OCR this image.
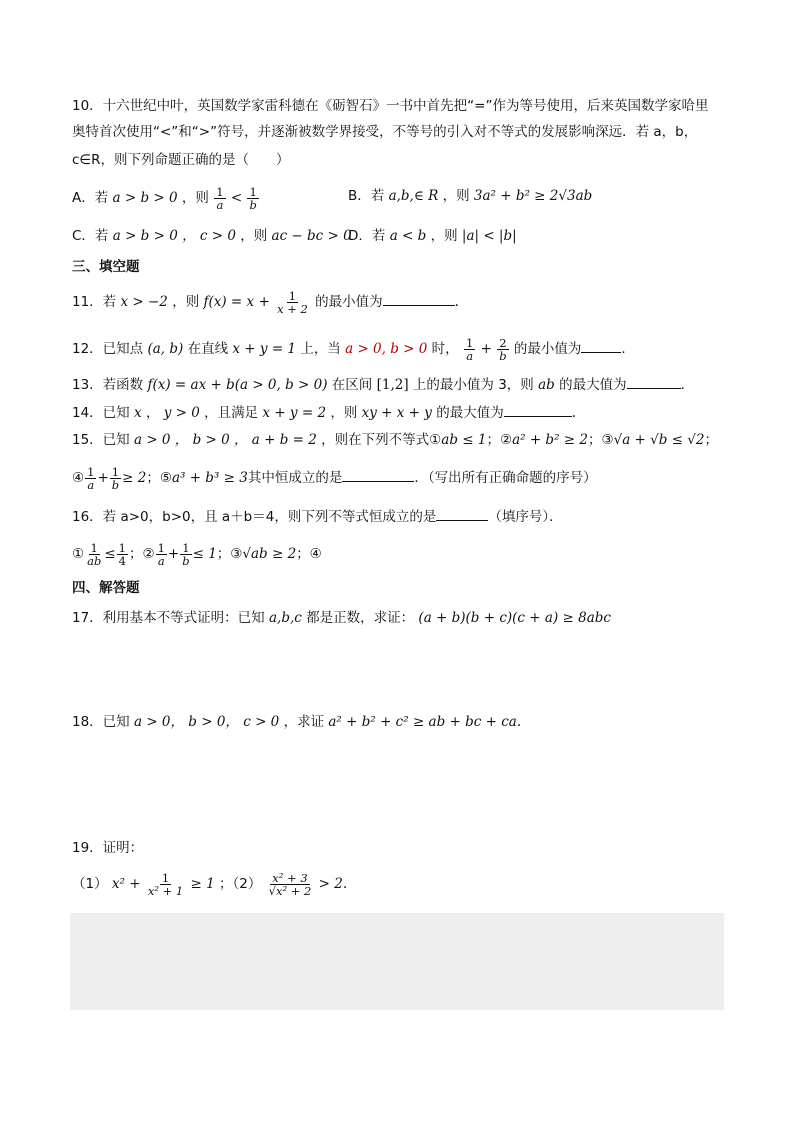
10．十六世纪中叶，英国数学家雷科德在《砺智石》一书中首先把“=”作为等号使用，后来英国数学家哈里
奥特首次使用“<”和“>”符号，并逐渐被数学界接受，不等号的引入对不等式的发展影响深远．若 a，b，
c∈R，则下列命题正确的是（　　）
A．若 a > b > 0 ，则 $\frac{1}{a} < \frac{1}{b}$	B．若 a,b,∈ R ，则 3a² + b² ≥ 2√3ab
C．若 a > b > 0 ， c > 0 ，则 ac − bc > 0
D．若 a < b ，则 |a| < |b|
三、填空题
11．若 x > −2 ，则 $f(x) = x + \frac{1}{x + 2}$ 的最小值为	.
12．已知点 (a, b) 在直线 x + y = 1 上，当 a > 0, b > 0 时， $\frac{1}{a} + \frac{2}{b}$ 的最小值为	．
13．若函数 f(x) = ax + b(a > 0, b > 0) 在区间 [1,2] 上的最小值为 3，则 ab 的最大值为	．
14．已知 x ， y > 0 ，且满足 x + y = 2 ，则 xy + x + y 的最大值为	.
15．已知 a > 0 ， b > 0 ， a + b = 2 ，则在下列不等式①ab ≤ 1；②a² + b² ≥ 2；③√a + √b ≤ √2；
④ $\frac{1}{a} + \frac{1}{b} \ge 2$；⑤a³ + b³ ≥ 3其中恒成立的是	．（写出所有正确命题的序号）
16．若 a>0，b>0，且 a＋b＝4，则下列不等式恒成立的是	（填序号）．
① $\frac{1}{ab} \le \frac{1}{4}$ ；② $\frac{1}{a} + \frac{1}{b} \le 1$；③√ab ≥ 2；④
四、解答题
17．利用基本不等式证明：已知 a,b,c 都是正数，求证： (a + b)(b + c)(c + a) ≥ 8abc
18．已知 a > 0， b > 0， c > 0 ，求证 a² + b² + c² ≥ ab + bc + ca.
19．证明：
（1） $x^2 + \frac{1}{\text{x² + 1}} \ge 1$ ；$(2) \frac{\text{x² + 3}}{\text{√x² + 2}} > 2$.
